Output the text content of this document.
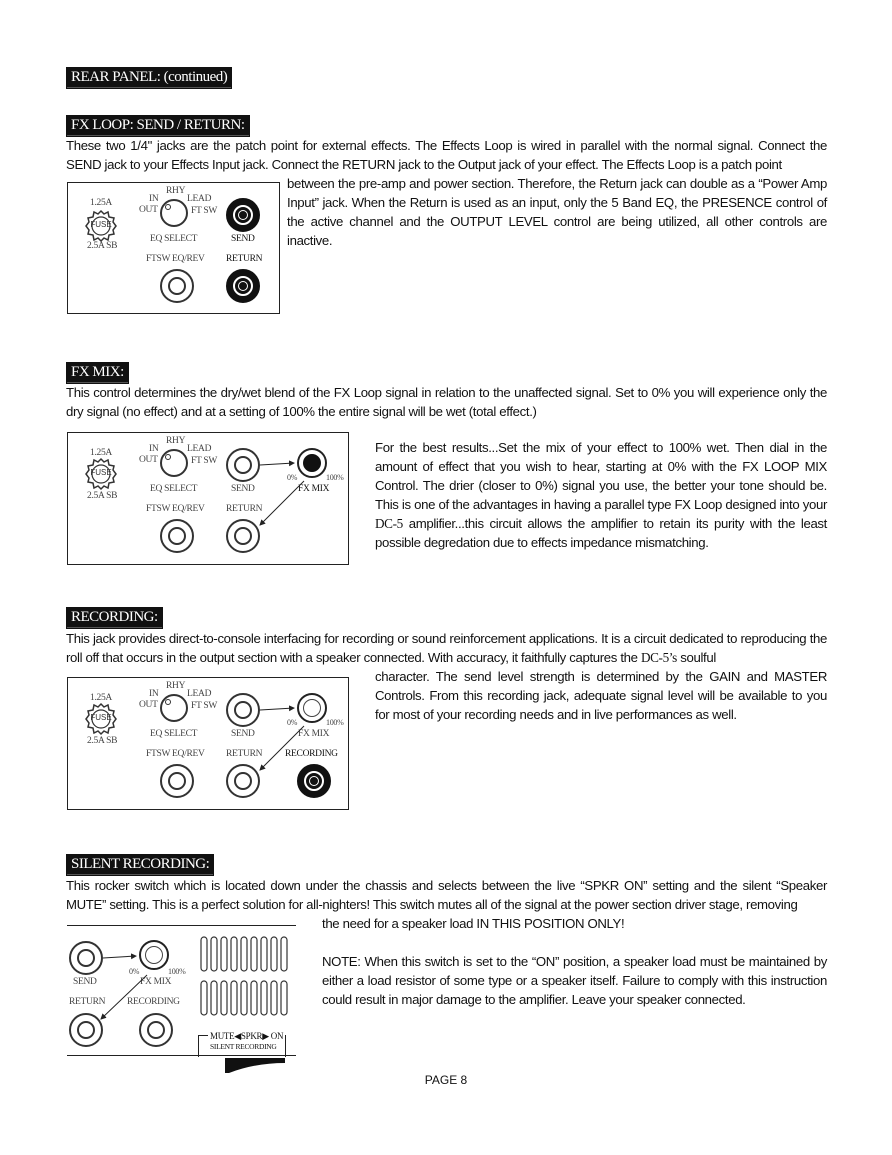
REAR PANEL: (continued)
FX LOOP: SEND / RETURN:
These two 1/4" jacks are the patch point for external effects. The Effects Loop is wired in parallel with the normal signal. Connect the SEND jack to your Effects Input jack. Connect the RETURN jack to the Output jack of your effect. The Effects Loop is a patch point
between the pre-amp and power section. Therefore, the Return jack can double as a “Power Amp Input” jack. When the Return is used as an input, only the 5 Band EQ, the PRESENCE control of the active channel and the OUTPUT LEVEL control are being utilized, all other controls are inactive.
1.25A
FUSE
2.5A SB
RHY
IN	LEAD
OUT	FT SW
EQ SELECT	SEND
FTSW EQ/REV RETURN
FX MIX:
This control determines the dry/wet blend of the FX Loop signal in relation to the unaffected signal. Set to 0% you will experience only the dry signal (no effect) and at a setting of 100% the entire signal will be wet (total effect.)
For the best results...Set the mix of your effect to 100% wet. Then dial in the amount of effect that you wish to hear, starting at 0% with the FX LOOP MIX Control. The drier (closer to 0%) signal you use, the better your tone should be. This is one of the advantages in having a parallel type FX Loop designed into your DC-5 amplifier...this circuit allows the amplifier to retain its purity with the least possible degredation due to effects impedance mismatching.
1.25A
FUSE
2.5A SB
RHY
IN	LEAD
OUT	FT SW
EQ SELECT	SEND
0%	100%
FX MIX
FTSW EQ/REV RETURN
RECORDING:
This jack provides direct-to-console interfacing for recording or sound reinforcement applications. It is a circuit dedicated to reproducing the roll off that occurs in the output section with a speaker connected. With accuracy, it faithfully captures the DC-5’s soulful
character. The send level strength is determined by the GAIN and MASTER Controls. From this recording jack, adequate signal level will be available to you for most of your recording needs and in live performances as well.
1.25A
FUSE
2.5A SB
RHY
IN	LEAD
OUT	FT SW
EQ SELECT	SEND
0%	100%
FX MIX
FTSW EQ/REV RETURN RECORDING
SILENT RECORDING:
This rocker switch which is located down under the chassis and selects between the live “SPKR ON” setting and the silent “Speaker MUTE” setting. This is a perfect solution for all-nighters! This switch mutes all of the signal at the power section driver stage, removing
the need for a speaker load IN THIS POSITION ONLY!
NOTE: When this switch is set to the “ON” position, a speaker load must be maintained by either a load resistor of some type or a speaker itself. Failure to comply with this instruction could result in major damage to the amplifier. Leave your speaker connected.
SEND
0%	100%
FX MIX
RETURN RECORDING
MUTE◀SPKR▶ ON
SILENT RECORDING
PAGE 8
